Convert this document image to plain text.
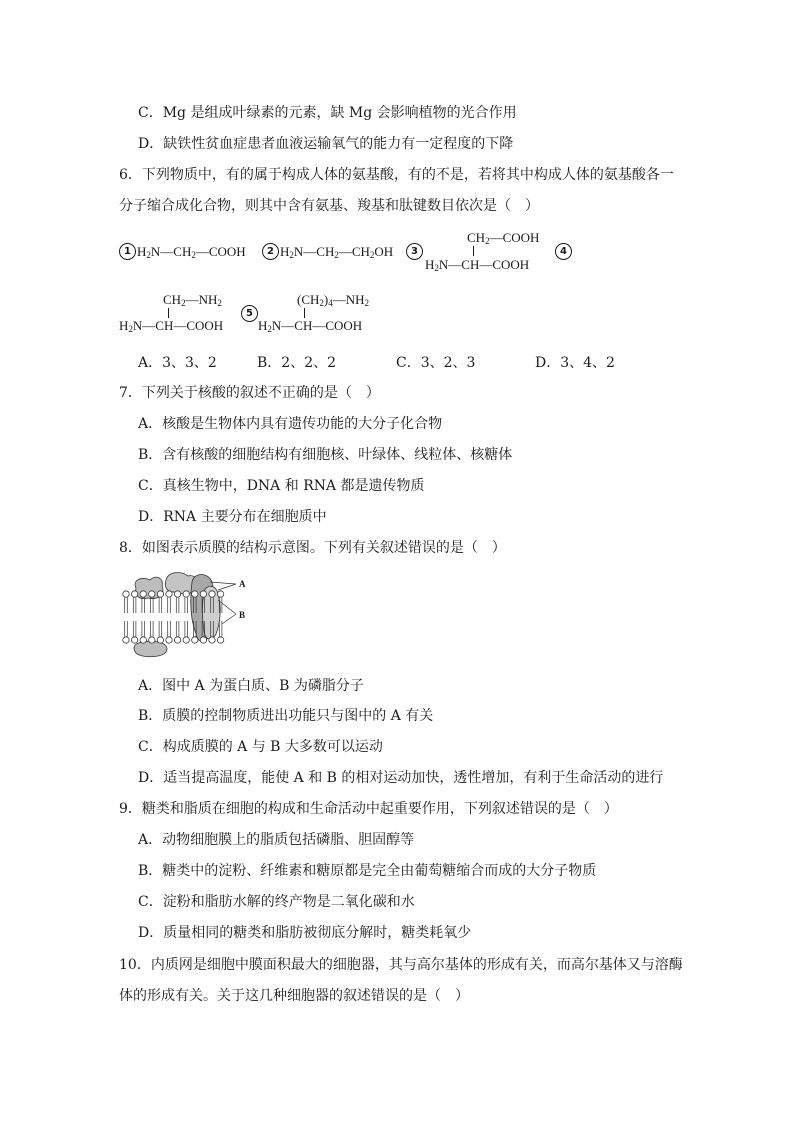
C．Mg 是组成叶绿素的元素，缺 Mg 会影响植物的光合作用
D．缺铁性贫血症患者血液运输氧气的能力有一定程度的下降
6．下列物质中，有的属于构成人体的氨基酸，有的不是，若将其中构成人体的氨基酸各一
分子缩合成化合物，则其中含有氨基、羧基和肽键数目依次是（　）
1 $H_2N—CH_2—COOH$	2 $H_2N—CH_2—CH_2OH$	3
$CH_2—COOH$
$H_2N—CH—COOH$
4
$CH_2—NH_2$
$H_2N—CH—COOH$
5
$(CH_2)_4—NH_2$
$H_2N—CH—COOH$
A．3、3、2	B．2、2、2	C．3、2、3	D．3、4、2
7．下列关于核酸的叙述不正确的是（　）
A．核酸是生物体内具有遗传功能的大分子化合物
B．含有核酸的细胞结构有细胞核、叶绿体、线粒体、核糖体
C．真核生物中，DNA 和 RNA 都是遗传物质
D．RNA 主要分布在细胞质中
8．如图表示质膜的结构示意图。下列有关叙述错误的是（　）
A
B
A．图中 A 为蛋白质、B 为磷脂分子
B．质膜的控制物质进出功能只与图中的 A 有关
C．构成质膜的 A 与 B 大多数可以运动
D．适当提高温度，能使 A 和 B 的相对运动加快，透性增加，有利于生命活动的进行
9．糖类和脂质在细胞的构成和生命活动中起重要作用，下列叙述错误的是（　）
A．动物细胞膜上的脂质包括磷脂、胆固醇等
B．糖类中的淀粉、纤维素和糖原都是完全由葡萄糖缩合而成的大分子物质
C．淀粉和脂肪水解的终产物是二氧化碳和水
D．质量相同的糖类和脂肪被彻底分解时，糖类耗氧少
10．内质网是细胞中膜面积最大的细胞器，其与高尔基体的形成有关，而高尔基体又与溶酶
体的形成有关。关于这几种细胞器的叙述错误的是（　）
